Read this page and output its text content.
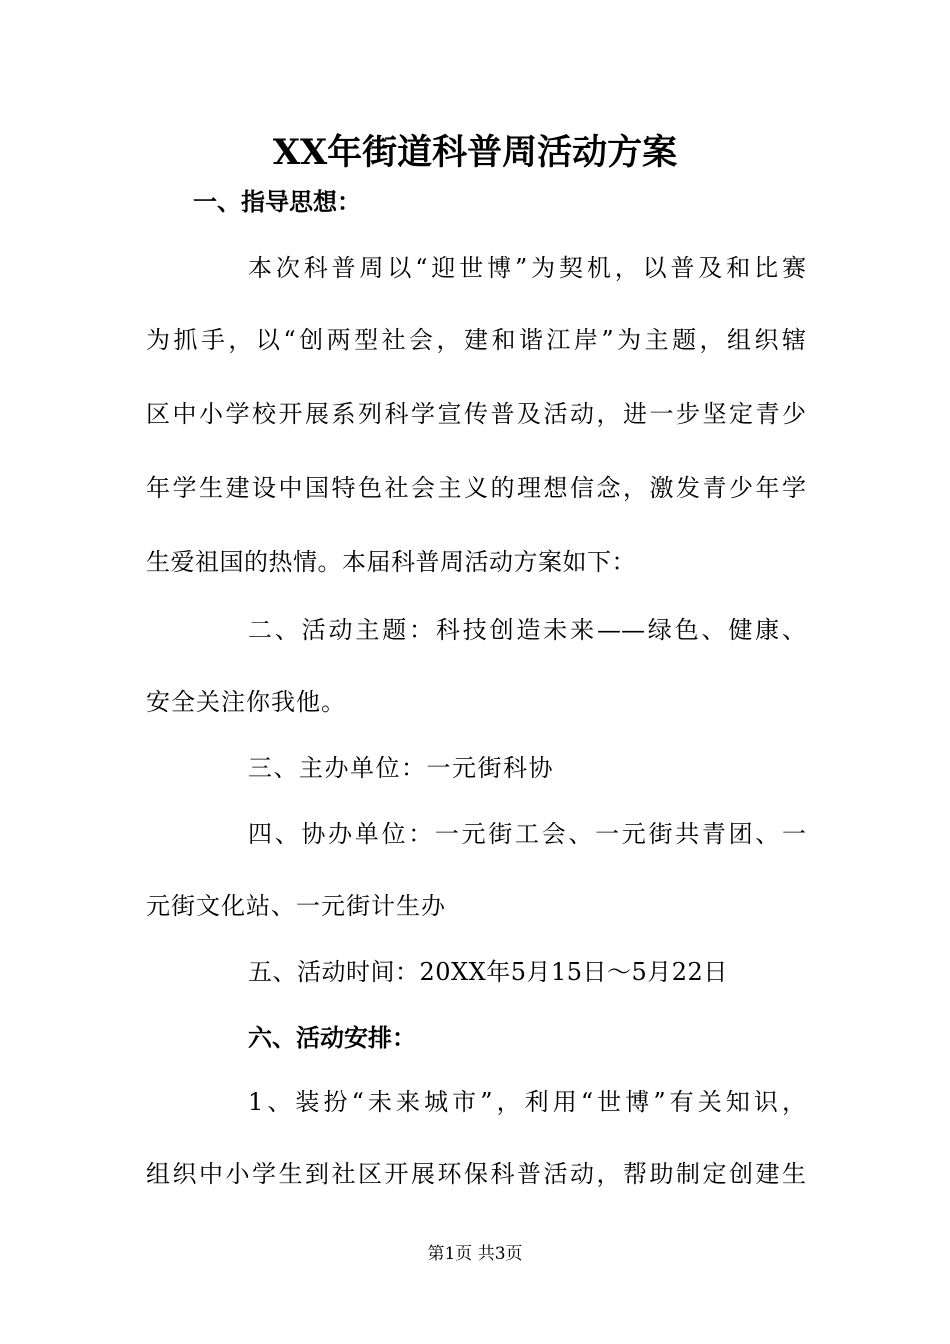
XX年街道科普周活动方案
一、指导思想：
本次科普周以“迎世博”为契机，以普及和比赛
为抓手，以“创两型社会，建和谐江岸”为主题，组织辖
区中小学校开展系列科学宣传普及活动，进一步坚定青少
年学生建设中国特色社会主义的理想信念，激发青少年学
生爱祖国的热情。本届科普周活动方案如下：
二、活动主题：科技创造未来——绿色、健康、
安全关注你我他。
三、主办单位：一元街科协
四、协办单位：一元街工会、一元街共青团、一
元街文化站、一元街计生办
五、活动时间：20XX年5月15日～5月22日
六、活动安排：
1、装扮“未来城市”，利用“世博”有关知识，
组织中小学生到社区开展环保科普活动，帮助制定创建生
第1页 共3页
